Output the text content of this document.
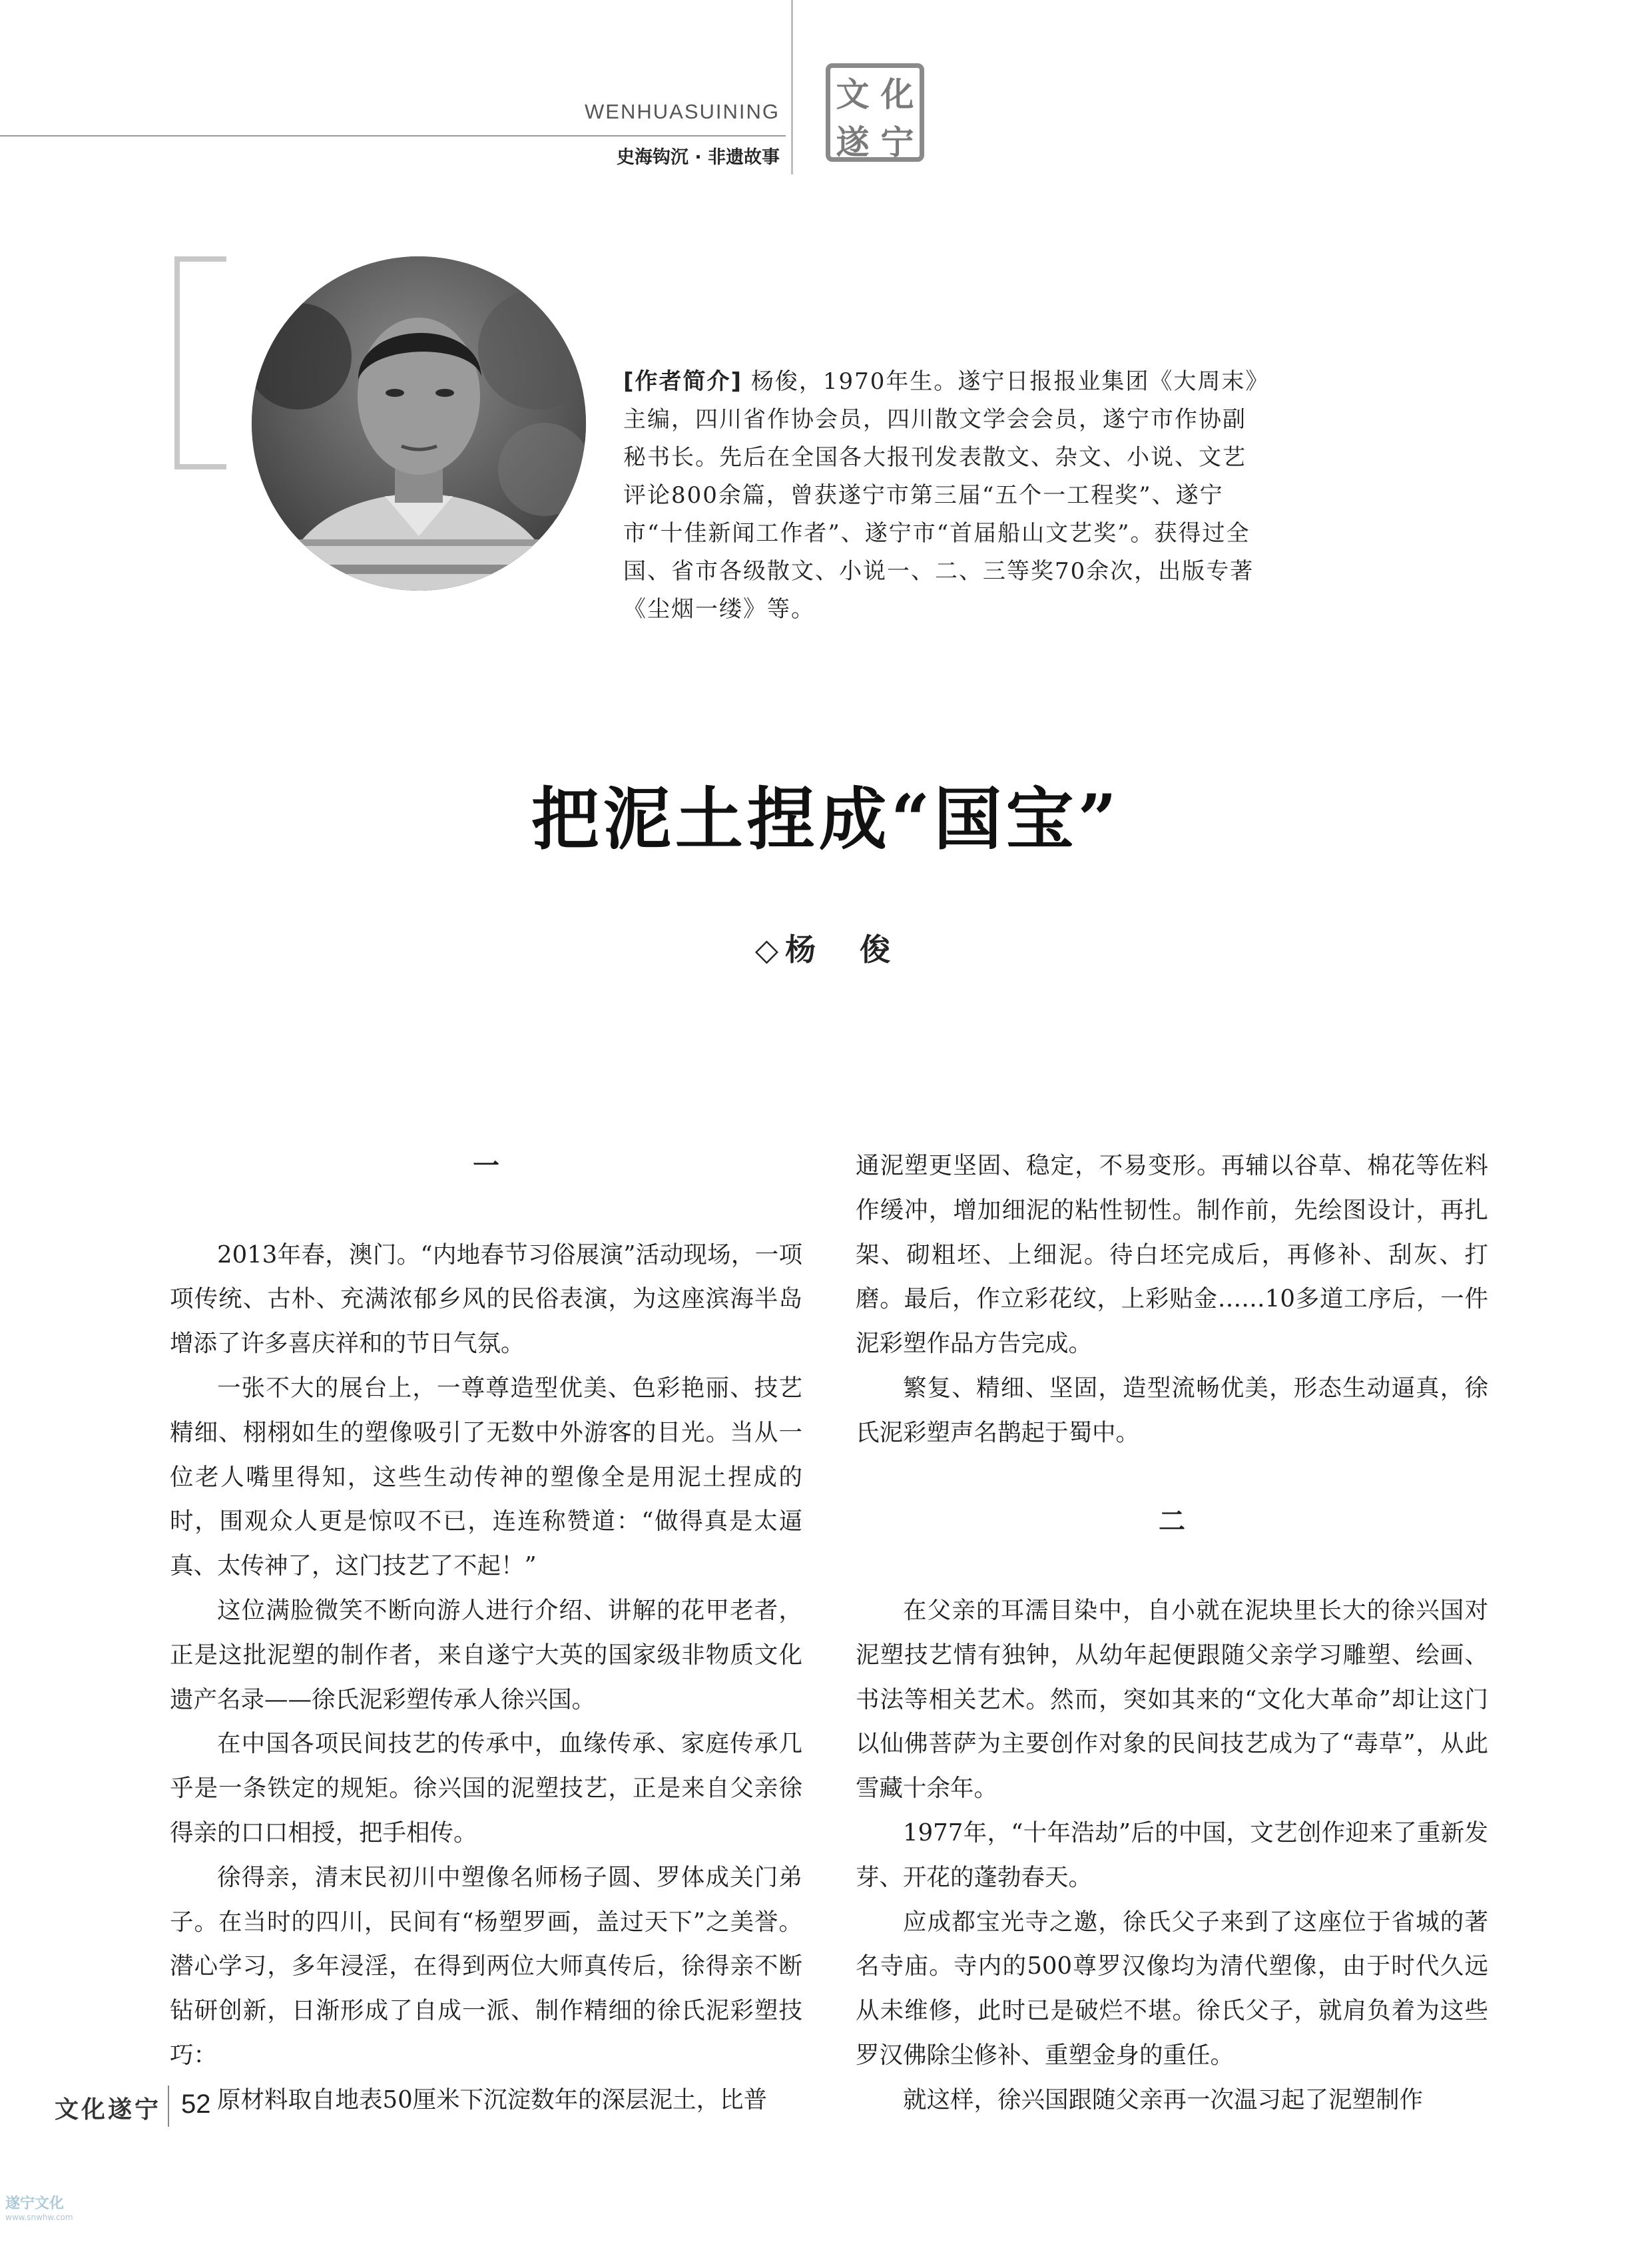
WENHUASUINING
史海钩沉 · 非遗故事
文 化
遂 宁
[作者简介] 杨俊，1970年生。遂宁日报报业集团《大周末》主编，四川省作协会员，四川散文学会会员，遂宁市作协副秘书长。先后在全国各大报刊发表散文、杂文、小说、文艺评论800余篇，曾获遂宁市第三届“五个一工程奖”、遂宁市“十佳新闻工作者”、遂宁市“首届船山文艺奖”。获得过全国、省市各级散文、小说一、二、三等奖70余次，出版专著《尘烟一缕》等。
把泥土捏成“国宝”
◇杨　俊
一

2013年春，澳门。“内地春节习俗展演”活动现场，一项项传统、古朴、充满浓郁乡风的民俗表演，为这座滨海半岛增添了许多喜庆祥和的节日气氛。

一张不大的展台上，一尊尊造型优美、色彩艳丽、技艺精细、栩栩如生的塑像吸引了无数中外游客的目光。当从一位老人嘴里得知，这些生动传神的塑像全是用泥土捏成的时，围观众人更是惊叹不已，连连称赞道：“做得真是太逼真、太传神了，这门技艺了不起！”

这位满脸微笑不断向游人进行介绍、讲解的花甲老者，正是这批泥塑的制作者，来自遂宁大英的国家级非物质文化遗产名录——徐氏泥彩塑传承人徐兴国。

在中国各项民间技艺的传承中，血缘传承、家庭传承几乎是一条铁定的规矩。徐兴国的泥塑技艺，正是来自父亲徐得亲的口口相授，把手相传。

徐得亲，清末民初川中塑像名师杨子圆、罗体成关门弟子。在当时的四川，民间有“杨塑罗画，盖过天下”之美誉。潜心学习，多年浸淫，在得到两位大师真传后，徐得亲不断钻研创新，日渐形成了自成一派、制作精细的徐氏泥彩塑技巧：

原材料取自地表50厘米下沉淀数年的深层泥土，比普

通泥塑更坚固、稳定，不易变形。再辅以谷草、棉花等佐料作缓冲，增加细泥的粘性韧性。制作前，先绘图设计，再扎架、砌粗坯、上细泥。待白坯完成后，再修补、刮灰、打磨。最后，作立彩花纹，上彩贴金……10多道工序后，一件泥彩塑作品方告完成。

繁复、精细、坚固，造型流畅优美，形态生动逼真，徐氏泥彩塑声名鹊起于蜀中。

二

在父亲的耳濡目染中，自小就在泥块里长大的徐兴国对泥塑技艺情有独钟，从幼年起便跟随父亲学习雕塑、绘画、书法等相关艺术。然而，突如其来的“文化大革命”却让这门以仙佛菩萨为主要创作对象的民间技艺成为了“毒草”，从此雪藏十余年。

1977年，“十年浩劫”后的中国，文艺创作迎来了重新发芽、开花的蓬勃春天。

应成都宝光寺之邀，徐氏父子来到了这座位于省城的著名寺庙。寺内的500尊罗汉像均为清代塑像，由于时代久远从未维修，此时已是破烂不堪。徐氏父子，就肩负着为这些罗汉佛除尘修补、重塑金身的重任。

就这样，徐兴国跟随父亲再一次温习起了泥塑制作

文化遂宁 52
遂宁文化
www.snwhw.com
